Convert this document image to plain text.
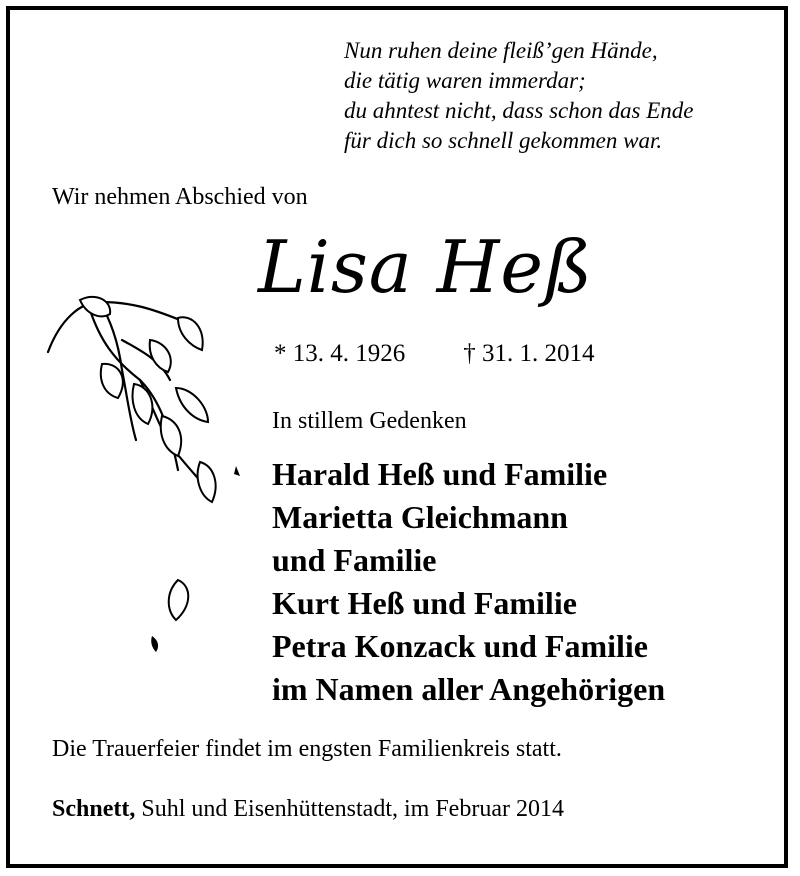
Nun ruhen deine fleiß’gen Hände,
die tätig waren immerdar;
du ahntest nicht, dass schon das Ende
für dich so schnell gekommen war.
Wir nehmen Abschied von
Lisa Heß
* 13. 4. 1926 † 31. 1. 2014
In stillem Gedenken
Harald Heß und Familie
Marietta Gleichmann
und Familie
Kurt Heß und Familie
Petra Konzack und Familie
im Namen aller Angehörigen
Die Trauerfeier findet im engsten Familienkreis statt.
Schnett, Suhl und Eisenhüttenstadt, im Februar 2014
